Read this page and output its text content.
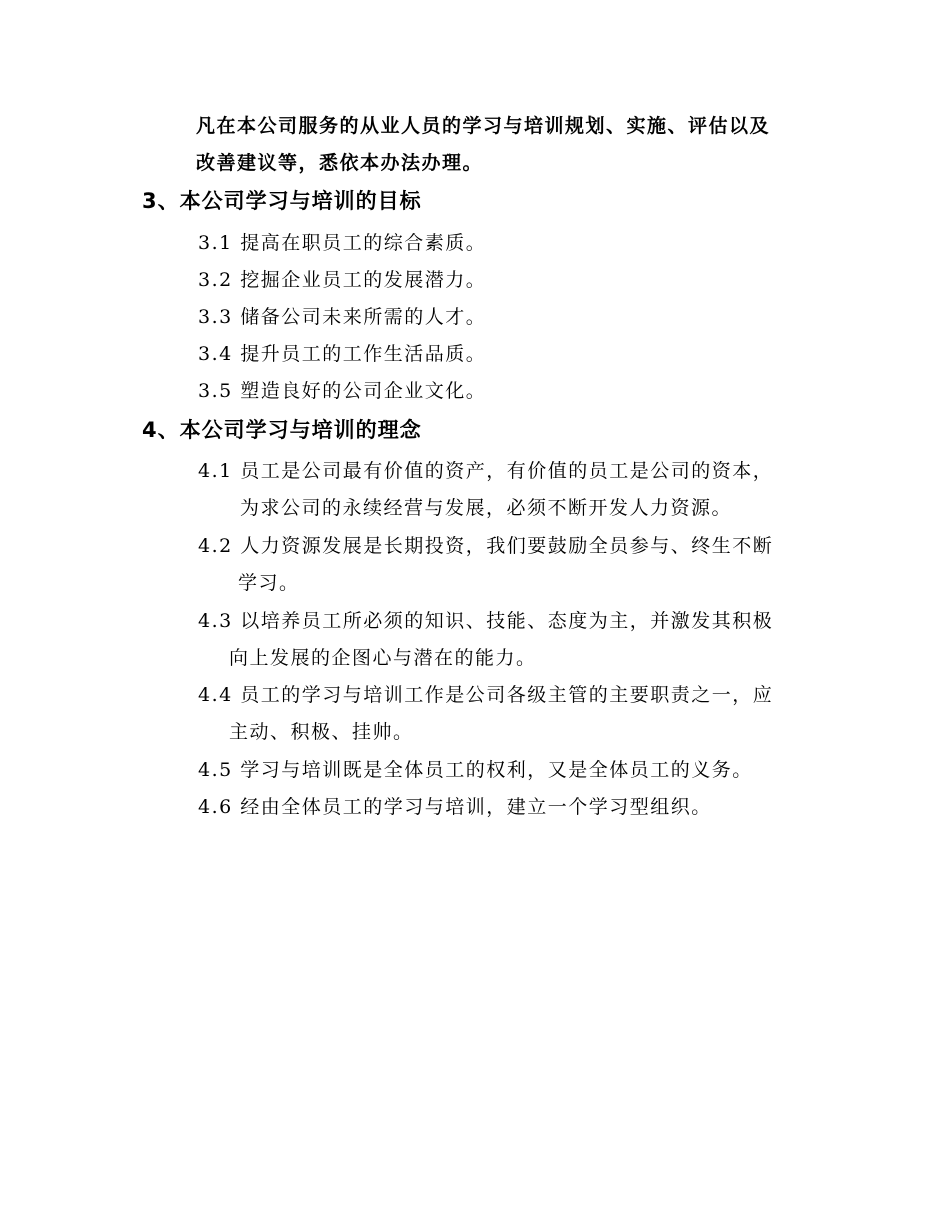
凡在本公司服务的从业人员的学习与培训规划、实施、评估以及
改善建议等，悉依本办法办理。
3、本公司学习与培训的目标
3.1 提高在职员工的综合素质。
3.2 挖掘企业员工的发展潜力。
3.3 储备公司未来所需的人才。
3.4 提升员工的工作生活品质。
3.5 塑造良好的公司企业文化。
4、本公司学习与培训的理念
4.1 员工是公司最有价值的资产，有价值的员工是公司的资本，
为求公司的永续经营与发展，必须不断开发人力资源。
4.2 人力资源发展是长期投资，我们要鼓励全员参与、终生不断
学习。
4.3 以培养员工所必须的知识、技能、态度为主，并激发其积极
向上发展的企图心与潜在的能力。
4.4 员工的学习与培训工作是公司各级主管的主要职责之一，应
主动、积极、挂帅。
4.5 学习与培训既是全体员工的权利，又是全体员工的义务。
4.6 经由全体员工的学习与培训，建立一个学习型组织。
